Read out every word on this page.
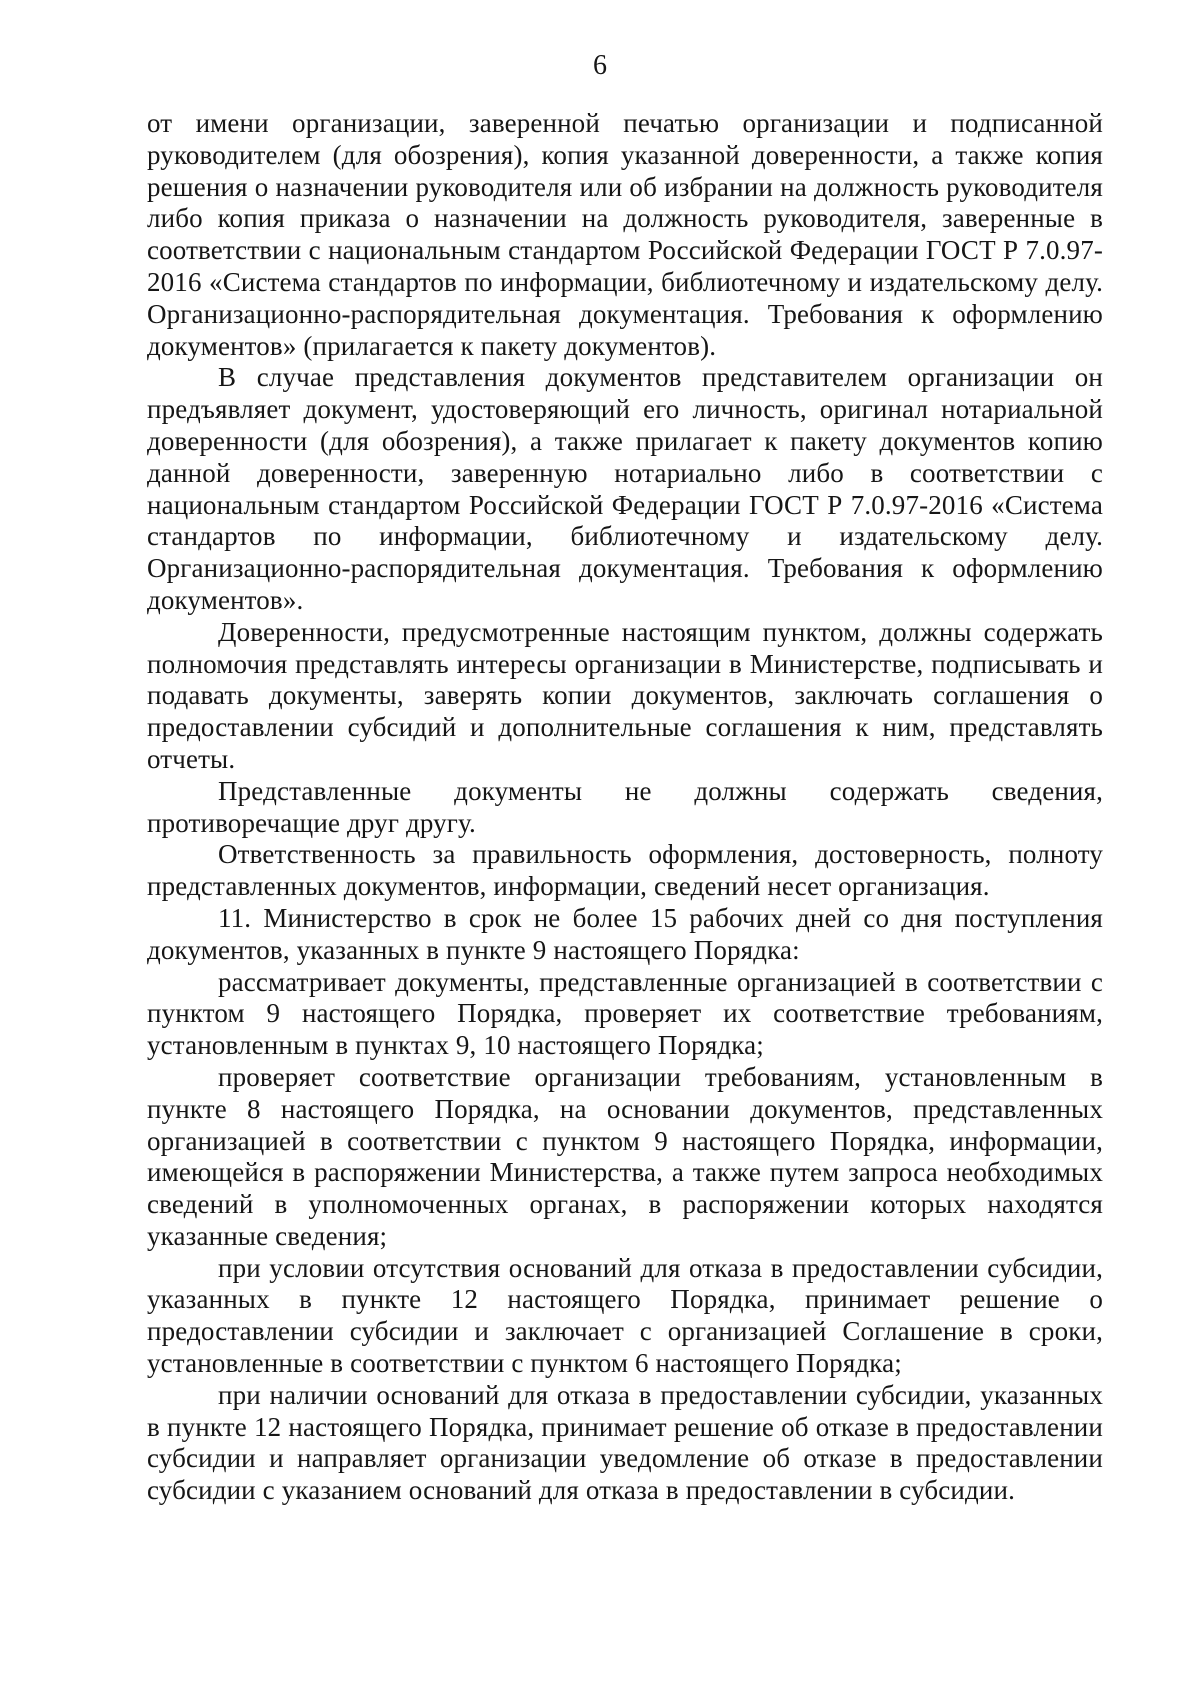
6

от имени организации, заверенной печатью организации и подписанной руководителем (для обозрения), копия указанной доверенности, а также копия решения о назначении руководителя или об избрании на должность руководителя либо копия приказа о назначении на должность руководителя, заверенные в соответствии с национальным стандартом Российской Федерации ГОСТ Р 7.0.97-2016 «Система стандартов по информации, библиотечному и издательскому делу. Организационно-распорядительная документация. Требования к оформлению документов» (прилагается к пакету документов).

В случае представления документов представителем организации он предъявляет документ, удостоверяющий его личность, оригинал нотариальной доверенности (для обозрения), а также прилагает к пакету документов копию данной доверенности, заверенную нотариально либо в соответствии с национальным стандартом Российской Федерации ГОСТ Р 7.0.97-2016 «Система стандартов по информации, библиотечному и издательскому делу. Организационно-распорядительная документация. Требования к оформлению документов».

Доверенности, предусмотренные настоящим пунктом, должны содержать полномочия представлять интересы организации в Министерстве, подписывать и подавать документы, заверять копии документов, заключать соглашения о предоставлении субсидий и дополнительные соглашения к ним, представлять отчеты.

Представленные документы не должны содержать сведения, противоречащие друг другу.

Ответственность за правильность оформления, достоверность, полноту представленных документов, информации, сведений несет организация.

11. Министерство в срок не более 15 рабочих дней со дня поступления документов, указанных в пункте 9 настоящего Порядка:

рассматривает документы, представленные организацией в соответствии с пунктом 9 настоящего Порядка, проверяет их соответствие требованиям, установленным в пунктах 9, 10 настоящего Порядка;

проверяет соответствие организации требованиям, установленным в пункте 8 настоящего Порядка, на основании документов, представленных организацией в соответствии с пунктом 9 настоящего Порядка, информации, имеющейся в распоряжении Министерства, а также путем запроса необходимых сведений в уполномоченных органах, в распоряжении которых находятся указанные сведения;

при условии отсутствия оснований для отказа в предоставлении субсидии, указанных в пункте 12 настоящего Порядка, принимает решение о предоставлении субсидии и заключает с организацией Соглашение в сроки, установленные в соответствии с пунктом 6 настоящего Порядка;

при наличии оснований для отказа в предоставлении субсидии, указанных в пункте 12 настоящего Порядка, принимает решение об отказе в предоставлении субсидии и направляет организации уведомление об отказе в предоставлении субсидии с указанием оснований для отказа в предоставлении в субсидии.
